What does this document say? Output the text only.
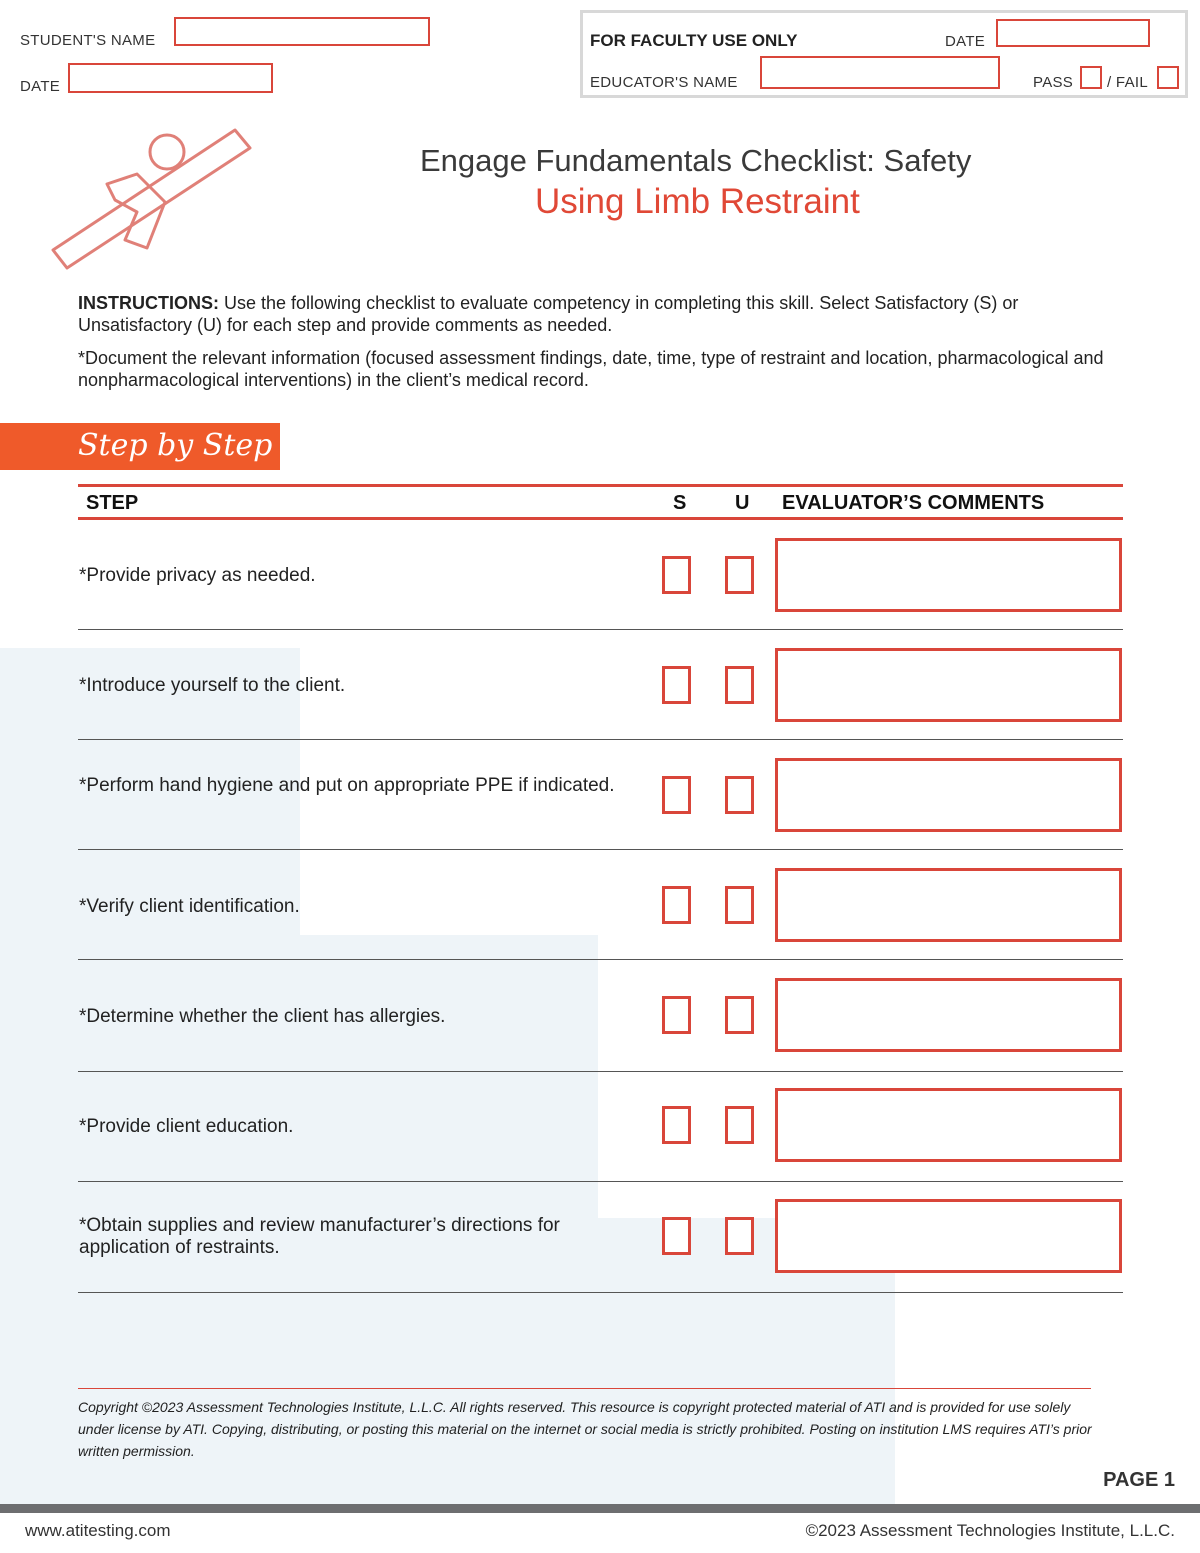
STUDENT'S NAME
DATE
FOR FACULTY USE ONLY	DATE
EDUCATOR'S NAME	PASS / FAIL
Engage Fundamentals Checklist: Safety
Using Limb Restraint
INSTRUCTIONS: Use the following checklist to evaluate competency in completing this skill. Select Satisfactory (S) or Unsatisfactory (U) for each step and provide comments as needed.
*Document the relevant information (focused assessment findings, date, time, type of restraint and location, pharmacological and nonpharmacological interventions) in the client’s medical record.
Step by Step
STEP	S U EVALUATOR’S COMMENTS
*Provide privacy as needed.
*Introduce yourself to the client.
*Perform hand hygiene and put on appropriate PPE if indicated.
*Verify client identification.
*Determine whether the client has allergies.
*Provide client education.
*Obtain supplies and review manufacturer’s directions for application of restraints.
Copyright ©2023 Assessment Technologies Institute, L.L.C. All rights reserved. This resource is copyright protected material of ATI and is provided for use solely under license by ATI. Copying, distributing, or posting this material on the internet or social media is strictly prohibited. Posting on institution LMS requires ATI’s prior written permission.
PAGE 1
www.atitesting.com	©2023 Assessment Technologies Institute, L.L.C.
